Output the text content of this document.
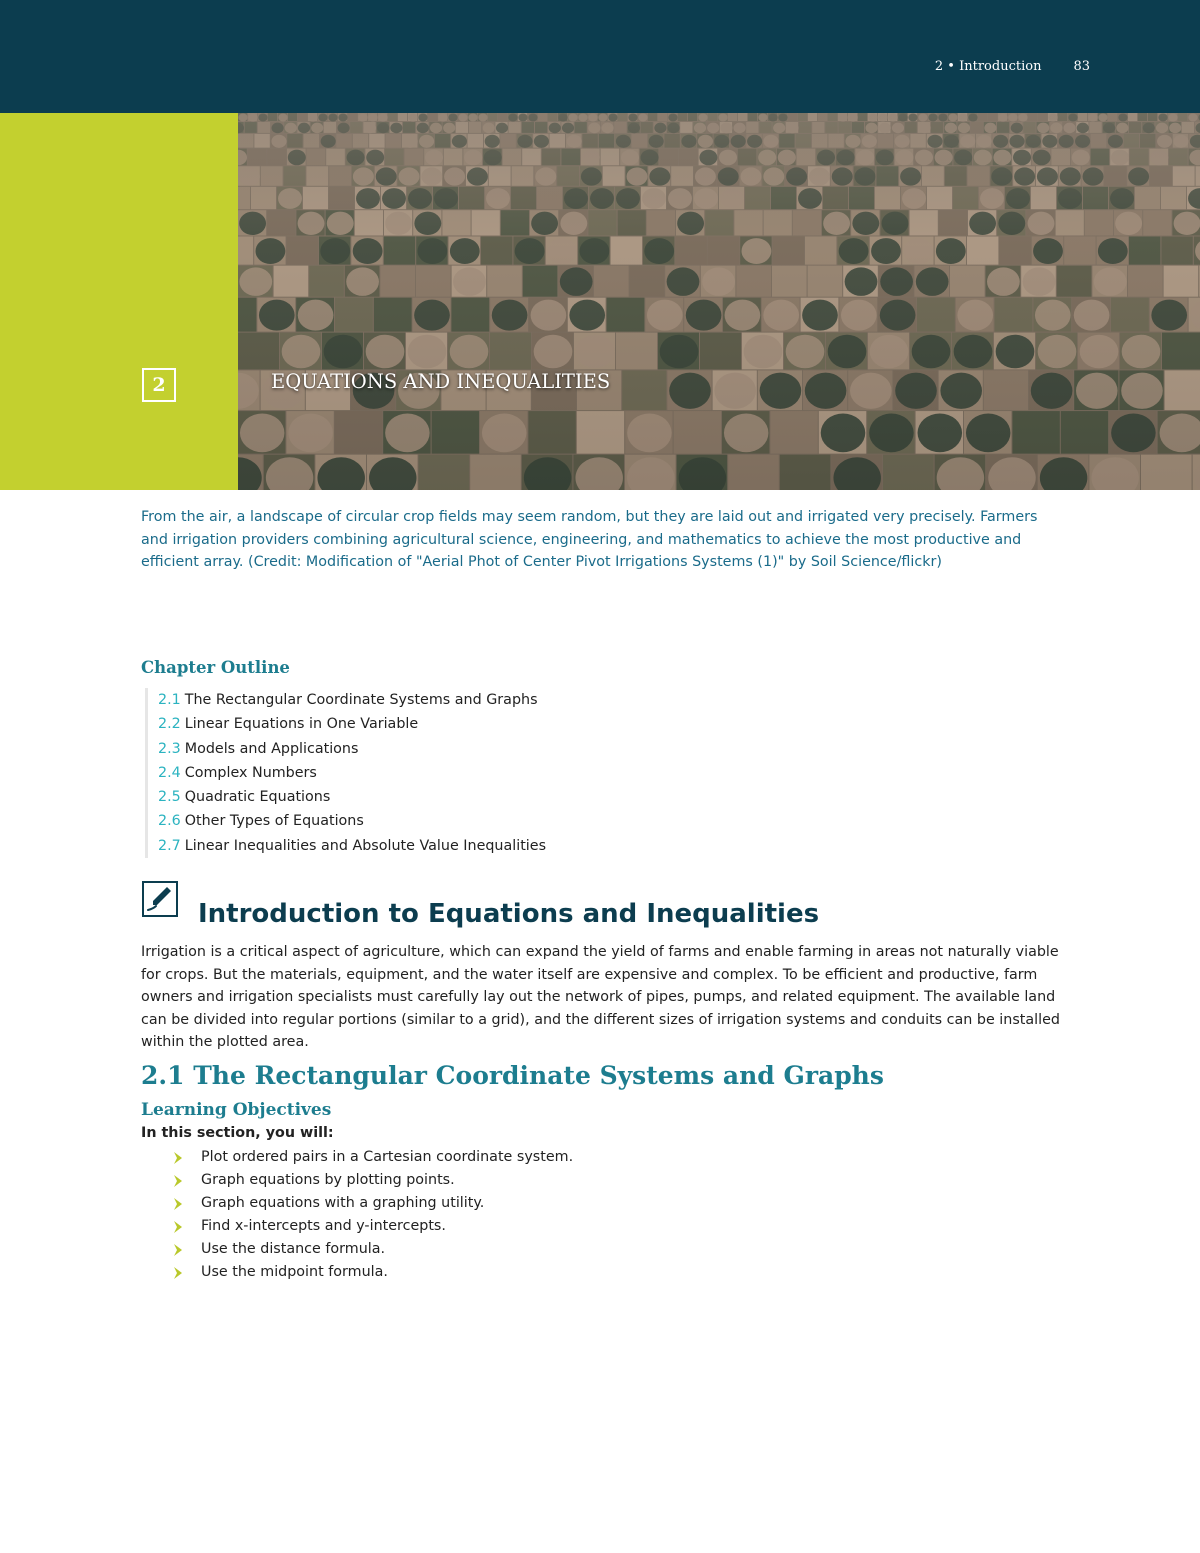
2 • Introduction 83
2	EQUATIONS AND INEQUALITIES
From the air, a landscape of circular crop fields may seem random, but they are laid out and irrigated very precisely. Farmers and irrigation providers combining agricultural science, engineering, and mathematics to achieve the most productive and efficient array. (Credit: Modification of "Aerial Phot of Center Pivot Irrigations Systems (1)" by Soil Science/flickr)
Chapter Outline
2.1 The Rectangular Coordinate Systems and Graphs
2.2 Linear Equations in One Variable
2.3 Models and Applications
2.4 Complex Numbers
2.5 Quadratic Equations
2.6 Other Types of Equations
2.7 Linear Inequalities and Absolute Value Inequalities
Introduction to Equations and Inequalities
Irrigation is a critical aspect of agriculture, which can expand the yield of farms and enable farming in areas not naturally viable for crops. But the materials, equipment, and the water itself are expensive and complex. To be efficient and productive, farm owners and irrigation specialists must carefully lay out the network of pipes, pumps, and related equipment. The available land can be divided into regular portions (similar to a grid), and the different sizes of irrigation systems and conduits can be installed within the plotted area.
2.1 The Rectangular Coordinate Systems and Graphs
Learning Objectives
In this section, you will:
Plot ordered pairs in a Cartesian coordinate system.
Graph equations by plotting points.
Graph equations with a graphing utility.
Find x-intercepts and y-intercepts.
Use the distance formula.
Use the midpoint formula.
